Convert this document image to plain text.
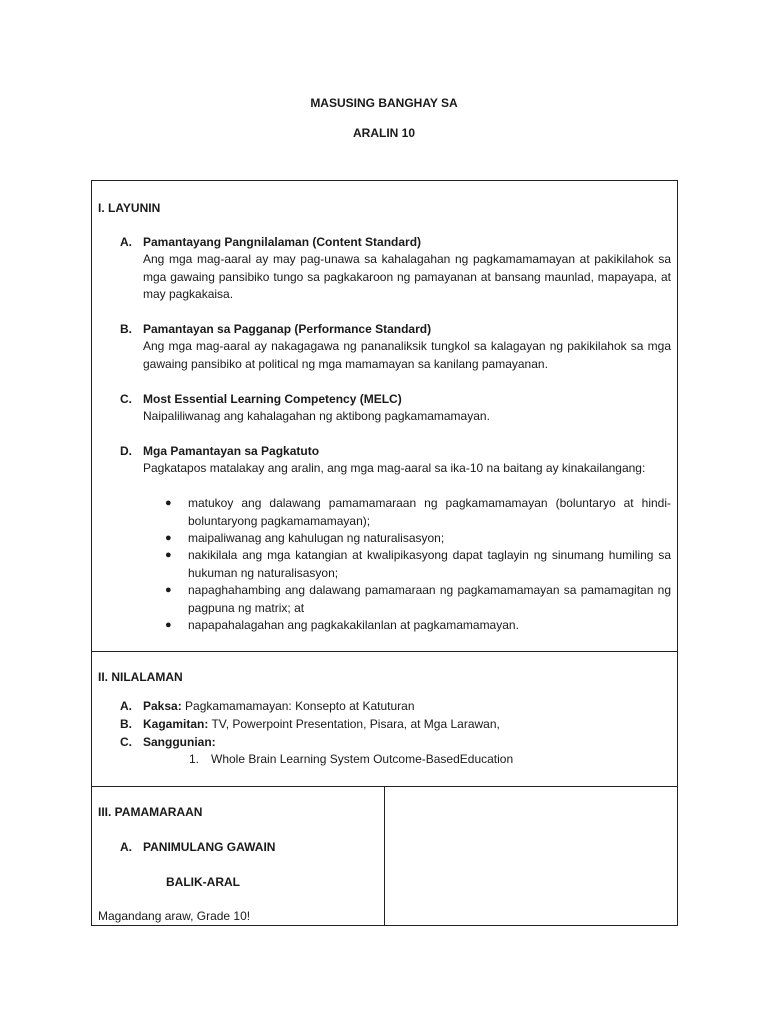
MASUSING BANGHAY SA
ARALIN 10
I. LAYUNIN
A. Pamantayang Pangnilalaman (Content Standard)
Ang mga mag-aaral ay may pag-unawa sa kahalagahan ng pagkamamamayan at pakikilahok sa mga gawaing pansibiko tungo sa pagkakaroon ng pamayanan at bansang maunlad, mapayapa, at may pagkakaisa.
B. Pamantayan sa Pagganap (Performance Standard)
Ang mga mag-aaral ay nakagagawa ng pananaliksik tungkol sa kalagayan ng pakikilahok sa mga gawaing pansibiko at political ng mga mamamayan sa kanilang pamayanan.
C. Most Essential Learning Competency (MELC)
Naipaliliwanag ang kahalagahan ng aktibong pagkamamamayan.
D. Mga Pamantayan sa Pagkatuto
Pagkatapos matalakay ang aralin, ang mga mag-aaral sa ika-10 na baitang ay kinakailangang:
● matukoy ang dalawang pamamamaraan ng pagkamamamayan (boluntaryo at hindi-boluntaryong pagkamamamayan);
● maipaliwanag ang kahulugan ng naturalisasyon;
● nakikilala ang mga katangian at kwalipikasyong dapat taglayin ng sinumang humiling sa hukuman ng naturalisasyon;
● napaghahambing ang dalawang pamamaraan ng pagkamamamayan sa pamamagitan ng pagpuna ng matrix; at
● napapahalagahan ang pagkakakilanlan at pagkamamamayan.
II. NILALAMAN
A. Paksa: Pagkamamamayan: Konsepto at Katuturan
B. Kagamitan: TV, Powerpoint Presentation, Pisara, at Mga Larawan,
C. Sanggunian:
1. Whole Brain Learning System Outcome-BasedEducation
III. PAMAMARAAN
A. PANIMULANG GAWAIN
BALIK-ARAL
Magandang araw, Grade 10!
